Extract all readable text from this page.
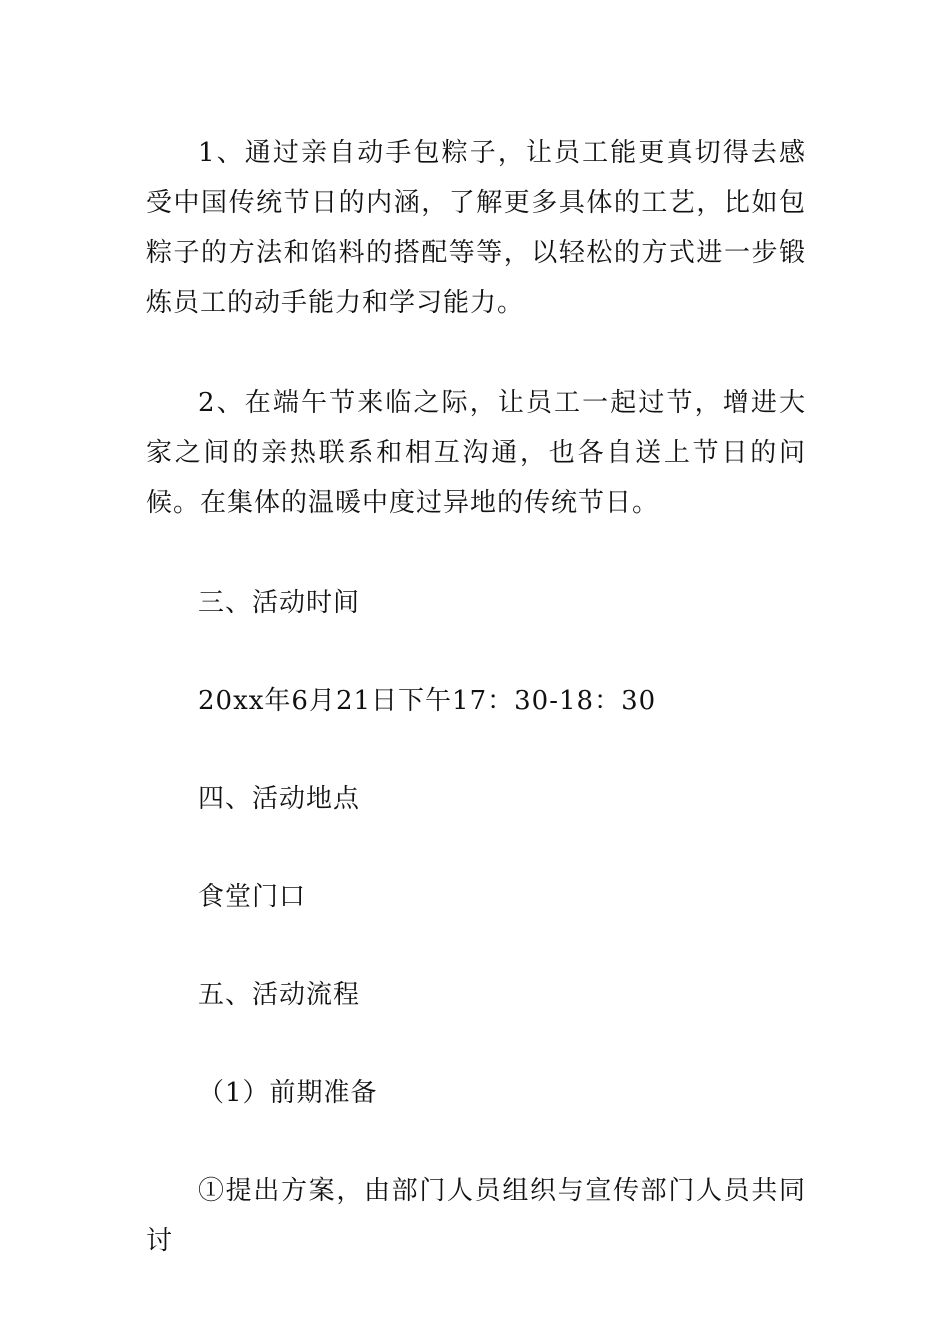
1、通过亲自动手包粽子，让员工能更真切得去感受中国传统节日的内涵，了解更多具体的工艺，比如包粽子的方法和馅料的搭配等等，以轻松的方式进一步锻炼员工的动手能力和学习能力。

2、在端午节来临之际，让员工一起过节，增进大家之间的亲热联系和相互沟通，也各自送上节日的问候。在集体的温暖中度过异地的传统节日。

三、活动时间

20xx年6月21日下午17：30-18：30

四、活动地点

食堂门口

五、活动流程

（1）前期准备

①提出方案，由部门人员组织与宣传部门人员共同讨
